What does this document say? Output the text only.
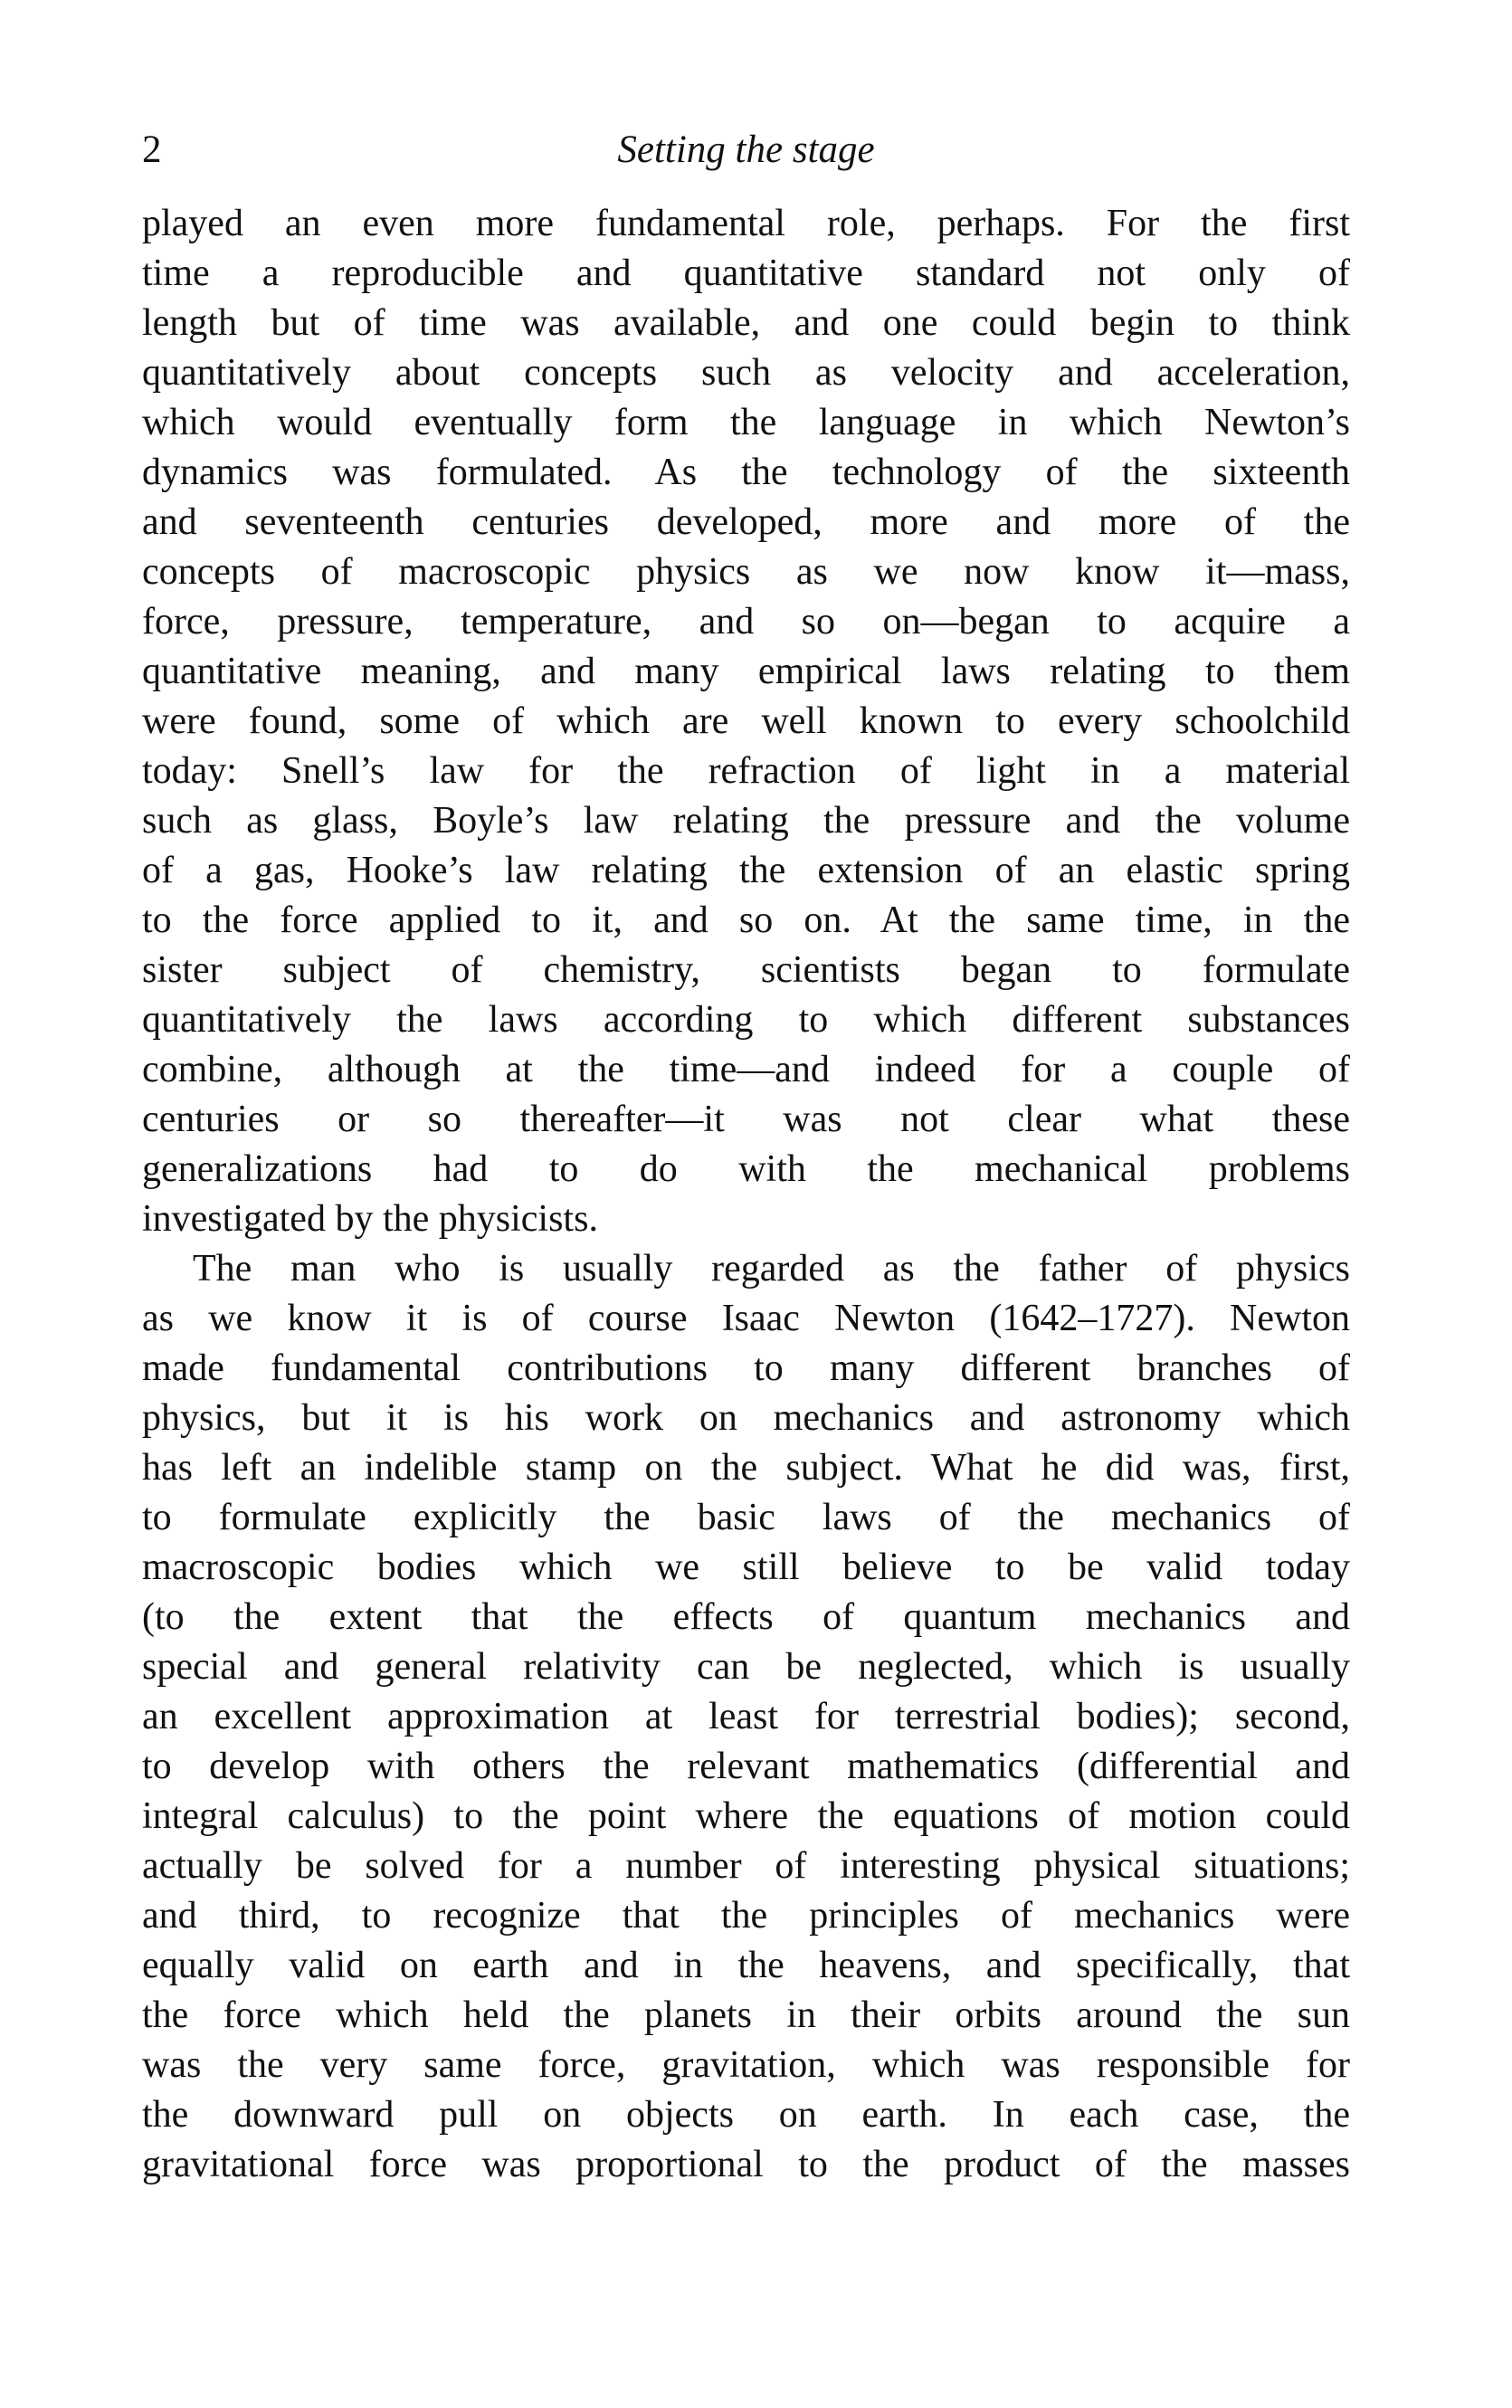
2	Setting the stage
played an even more fundamental role, perhaps. For the first
time a reproducible and quantitative standard not only of
length but of time was available, and one could begin to think
quantitatively about concepts such as velocity and acceleration,
which would eventually form the language in which Newton’s
dynamics was formulated. As the technology of the sixteenth
and seventeenth centuries developed, more and more of the
concepts of macroscopic physics as we now know it—mass,
force, pressure, temperature, and so on—began to acquire a
quantitative meaning, and many empirical laws relating to them
were found, some of which are well known to every schoolchild
today: Snell’s law for the refraction of light in a material
such as glass, Boyle’s law relating the pressure and the volume
of a gas, Hooke’s law relating the extension of an elastic spring
to the force applied to it, and so on. At the same time, in the
sister subject of chemistry, scientists began to formulate
quantitatively the laws according to which different substances
combine, although at the time—and indeed for a couple of
centuries or so thereafter—it was not clear what these
generalizations had to do with the mechanical problems
investigated by the physicists.
The man who is usually regarded as the father of physics
as we know it is of course Isaac Newton (1642–1727). Newton
made fundamental contributions to many different branches of
physics, but it is his work on mechanics and astronomy which
has left an indelible stamp on the subject. What he did was, first,
to formulate explicitly the basic laws of the mechanics of
macroscopic bodies which we still believe to be valid today
(to the extent that the effects of quantum mechanics and
special and general relativity can be neglected, which is usually
an excellent approximation at least for terrestrial bodies); second,
to develop with others the relevant mathematics (differential and
integral calculus) to the point where the equations of motion could
actually be solved for a number of interesting physical situations;
and third, to recognize that the principles of mechanics were
equally valid on earth and in the heavens, and specifically, that
the force which held the planets in their orbits around the sun
was the very same force, gravitation, which was responsible for
the downward pull on objects on earth. In each case, the
gravitational force was proportional to the product of the masses
